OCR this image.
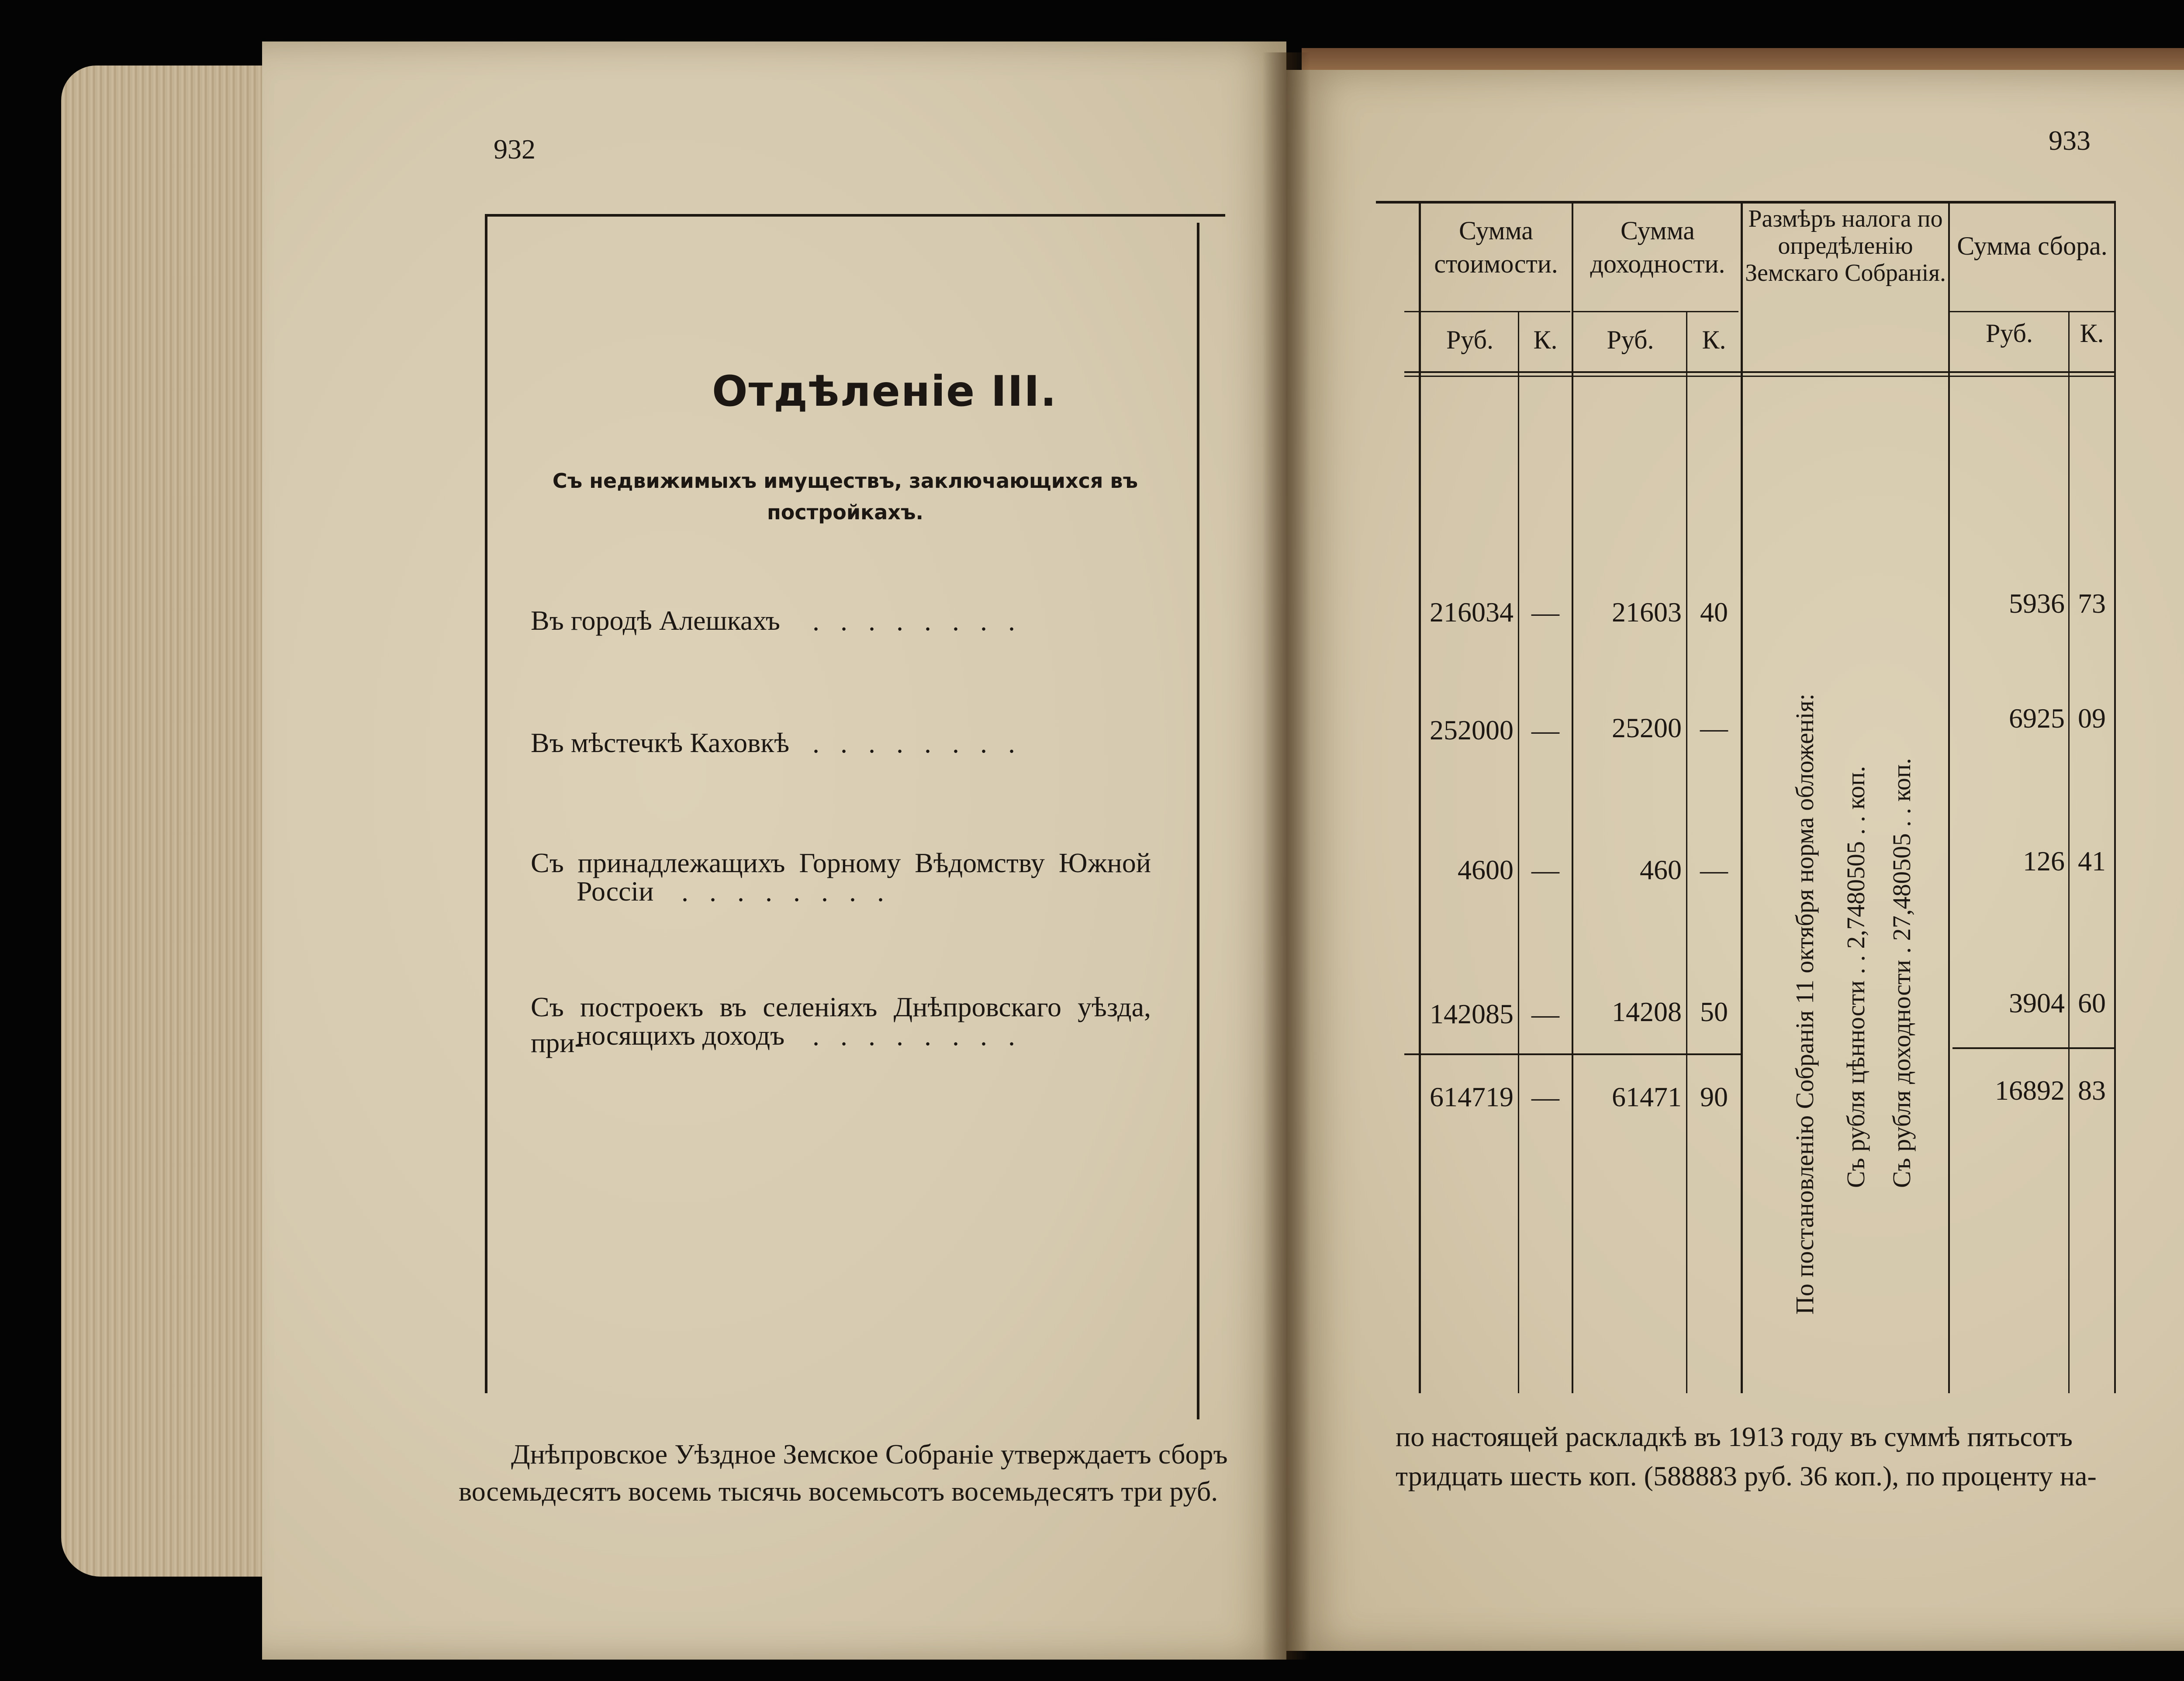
932
Отдѣленіе III.
Съ недвижимыхъ имуществъ, заключающихся въ постройкахъ.
Въ городѣ Алешкахъ ........
Въ мѣстечкѣ Каховкѣ ........
Съ принадлежащихъ Горному Вѣдомству Южной
Россіи ........
Съ построекъ въ селеніяхъ Днѣпровскаго уѣзда, при-
носящихъ доходъ ........
Днѣпровское Уѣздное Земское Собраніе утверждаетъ сборъ
восемьдесятъ восемь тысячь восемьсотъ восемьдесятъ три руб.
933
Сумма стоимости.
Сумма доходности.
Размѣръ налога по опредѣленію Земскаго Собранія.
Сумма сбора.
Руб.	К.	Руб.	К.	Руб.	К.
216034 —	21603 40	5936 73
252000 —	25200 —	6925 09
4600 —	460 —	126 41
142085 —	14208 50	3904 60
614719 —	61471 90	16892 83
По постановленію Собранія 11 октября норма обложенія: Съ рубля цѣнности . . 2,7480505 . . коп. Съ рубля доходности . 27,480505 . . коп.
по настоящей раскладкѣ въ 1913 году въ суммѣ пятьсотъ
тридцать шесть коп. (588883 руб. 36 коп.), по проценту на-
